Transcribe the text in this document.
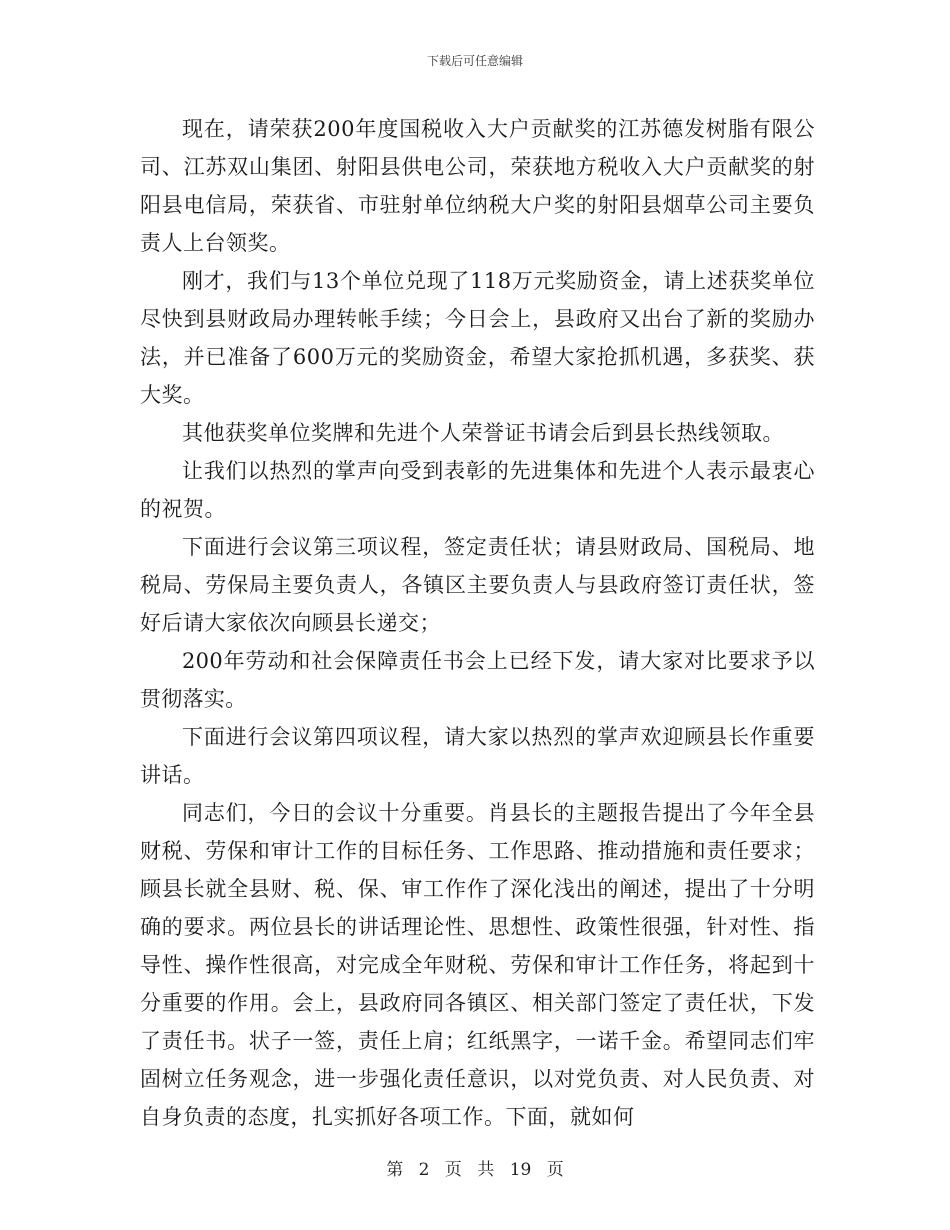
下载后可任意编辑

现在，请荣获200年度国税收入大户贡献奖的江苏德发树脂有限公司、江苏双山集团、射阳县供电公司，荣获地方税收入大户贡献奖的射阳县电信局，荣获省、市驻射单位纳税大户奖的射阳县烟草公司主要负责人上台领奖。

刚才，我们与13个单位兑现了118万元奖励资金，请上述获奖单位尽快到县财政局办理转帐手续；今日会上，县政府又出台了新的奖励办法，并已准备了600万元的奖励资金，希望大家抢抓机遇，多获奖、获大奖。

其他获奖单位奖牌和先进个人荣誉证书请会后到县长热线领取。

让我们以热烈的掌声向受到表彰的先进集体和先进个人表示最衷心的祝贺。

下面进行会议第三项议程，签定责任状；请县财政局、国税局、地税局、劳保局主要负责人，各镇区主要负责人与县政府签订责任状，签好后请大家依次向顾县长递交；

200年劳动和社会保障责任书会上已经下发，请大家对比要求予以贯彻落实。

下面进行会议第四项议程，请大家以热烈的掌声欢迎顾县长作重要讲话。

同志们，今日的会议十分重要。肖县长的主题报告提出了今年全县财税、劳保和审计工作的目标任务、工作思路、推动措施和责任要求；顾县长就全县财、税、保、审工作作了深化浅出的阐述，提出了十分明确的要求。两位县长的讲话理论性、思想性、政策性很强，针对性、指导性、操作性很高，对完成全年财税、劳保和审计工作任务，将起到十分重要的作用。会上，县政府同各镇区、相关部门签定了责任状，下发了责任书。状子一签，责任上肩；红纸黑字，一诺千金。希望同志们牢固树立任务观念，进一步强化责任意识，以对党负责、对人民负责、对自身负责的态度，扎实抓好各项工作。下面，就如何

第 2 页 共 19 页
